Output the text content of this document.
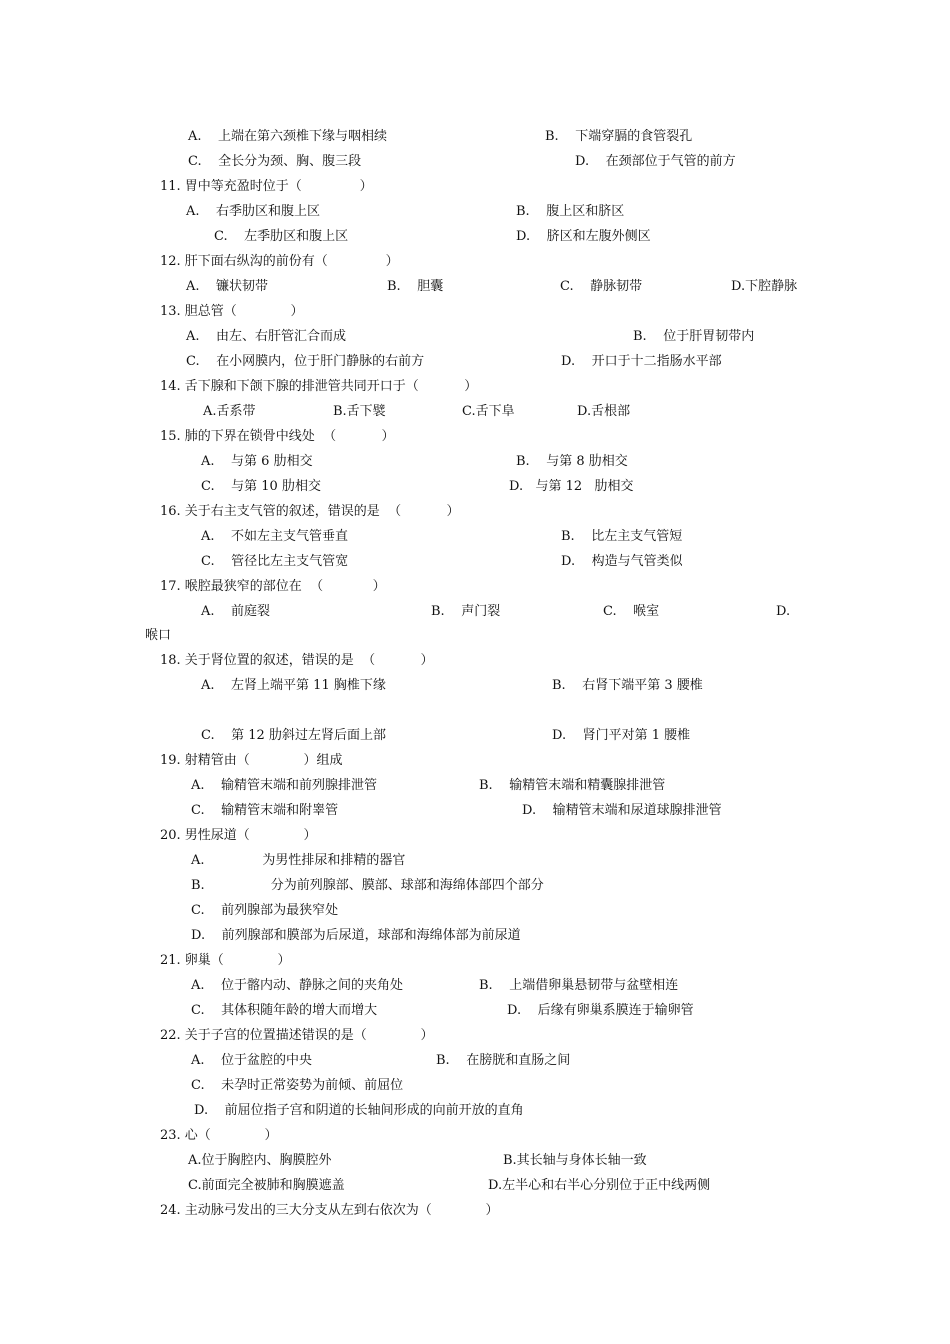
A.    上端在第六颈椎下缘与咽相续	B.    下端穿膈的食管裂孔
C.    全长分为颈、胸、腹三段	D.    在颈部位于气管的前方
11. 胃中等充盈时位于（              ）
A.    右季肋区和腹上区	B.    腹上区和脐区
C.    左季肋区和腹上区	D.    脐区和左腹外侧区
12. 肝下面右纵沟的前份有（              ）
A.    镰状韧带	B.    胆囊	C.    静脉韧带	D.下腔静脉
13. 胆总管（             ）
A.    由左、右肝管汇合而成	B.    位于肝胃韧带内
C.    在小网膜内，位于肝门静脉的右前方	D.    开口于十二指肠水平部
14. 舌下腺和下颌下腺的排泄管共同开口于（           ）
A.舌系带	B.舌下襞	C.舌下阜	D.舌根部
15. 肺的下界在锁骨中线处  （           ）
A.    与第 6 肋相交	B.    与第 8 肋相交
C.    与第 10 肋相交	D.   与第 12   肋相交
16. 关于右主支气管的叙述，错误的是  （           ）
A.    不如左主支气管垂直	B.    比左主支气管短
C.    管径比左主支气管宽	D.    构造与气管类似
17. 喉腔最狭窄的部位在  （            ）
A.    前庭裂	B.    声门裂	C.    喉室	D.
喉口
18. 关于肾位置的叙述，错误的是  （           ）
A.    左肾上端平第 11 胸椎下缘	B.    右肾下端平第 3 腰椎
C.    第 12 肋斜过左肾后面上部	D.    肾门平对第 1 腰椎
19. 射精管由（             ）组成
A.    输精管末端和前列腺排泄管	B.    输精管末端和精囊腺排泄管
C.    输精管末端和附睾管	D.    输精管末端和尿道球腺排泄管
20. 男性尿道（             ）
A.              为男性排尿和排精的器官
B.                分为前列腺部、膜部、球部和海绵体部四个部分
C.    前列腺部为最狭窄处
D.    前列腺部和膜部为后尿道，球部和海绵体部为前尿道
21. 卵巢（             ）
A.    位于髂内动、静脉之间的夹角处	B.    上端借卵巢悬韧带与盆壁相连
C.    其体积随年龄的增大而增大	D.    后缘有卵巢系膜连于输卵管
22. 关于子宫的位置描述错误的是（             ）
A.    位于盆腔的中央	B.    在膀胱和直肠之间
C.    未孕时正常姿势为前倾、前屈位
D.    前屈位指子宫和阴道的长轴间形成的向前开放的直角
23. 心（             ）
A.位于胸腔内、胸膜腔外	B.其长轴与身体长轴一致
C.前面完全被肺和胸膜遮盖	D.左半心和右半心分别位于正中线两侧
24. 主动脉弓发出的三大分支从左到右依次为（             ）
